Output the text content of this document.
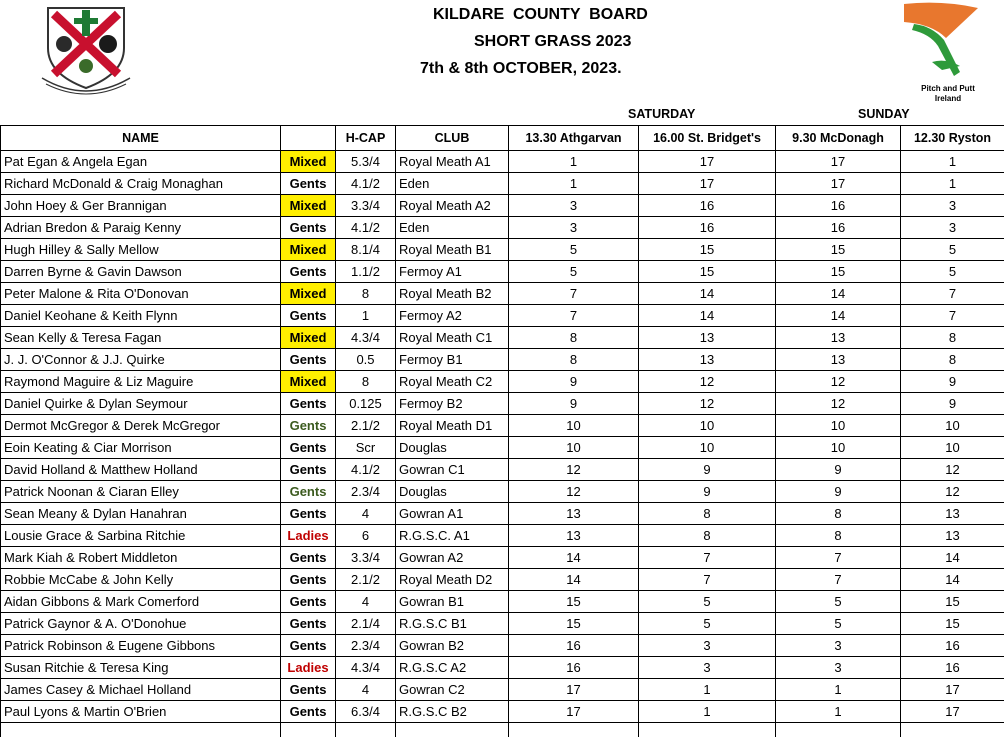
KILDARE  COUNTY  BOARD
SHORT GRASS 2023
7th & 8th OCTOBER, 2023.
Pitch and Putt
Ireland
SATURDAY	SUNDAY
NAME		H-CAP	CLUB	13.30 Athgarvan	16.00 St. Bridget's	9.30 McDonagh	12.30 Ryston
Pat Egan & Angela Egan	Mixed	5.3/4	Royal Meath A1	1	17	17	1
Richard McDonald & Craig Monaghan	Gents	4.1/2	Eden	1	17	17	1
John Hoey & Ger Brannigan	Mixed	3.3/4	Royal Meath A2	3	16	16	3
Adrian Bredon & Paraig Kenny	Gents	4.1/2	Eden	3	16	16	3
Hugh Hilley & Sally Mellow	Mixed	8.1/4	Royal Meath B1	5	15	15	5
Darren Byrne & Gavin Dawson	Gents	1.1/2	Fermoy A1	5	15	15	5
Peter Malone & Rita O'Donovan	Mixed	8	Royal Meath B2	7	14	14	7
Daniel Keohane & Keith Flynn	Gents	1	Fermoy A2	7	14	14	7
Sean Kelly & Teresa Fagan	Mixed	4.3/4	Royal Meath C1	8	13	13	8
J. J. O'Connor & J.J. Quirke	Gents	0.5	Fermoy B1	8	13	13	8
Raymond Maguire & Liz Maguire	Mixed	8	Royal Meath C2	9	12	12	9
Daniel Quirke & Dylan Seymour	Gents	0.125	Fermoy B2	9	12	12	9
Dermot McGregor & Derek McGregor	Gents	2.1/2	Royal Meath D1	10	10	10	10
Eoin Keating & Ciar Morrison	Gents	Scr	Douglas	10	10	10	10
David Holland & Matthew Holland	Gents	4.1/2	Gowran C1	12	9	9	12
Patrick Noonan & Ciaran Elley	Gents	2.3/4	Douglas	12	9	9	12
Sean Meany & Dylan Hanahran	Gents	4	Gowran A1	13	8	8	13
Lousie Grace & Sarbina Ritchie	Ladies	6	R.G.S.C. A1	13	8	8	13
Mark Kiah & Robert Middleton	Gents	3.3/4	Gowran A2	14	7	7	14
Robbie McCabe & John Kelly	Gents	2.1/2	Royal Meath D2	14	7	7	14
Aidan Gibbons & Mark Comerford	Gents	4	Gowran B1	15	5	5	15
Patrick Gaynor & A. O'Donohue	Gents	2.1/4	R.G.S.C B1	15	5	5	15
Patrick Robinson & Eugene Gibbons	Gents	2.3/4	Gowran B2	16	3	3	16
Susan Ritchie & Teresa King	Ladies	4.3/4	R.G.S.C A2	16	3	3	16
James Casey & Michael Holland	Gents	4	Gowran C2	17	1	1	17
Paul Lyons & Martin O'Brien	Gents	6.3/4	R.G.S.C B2	17	1	1	17
